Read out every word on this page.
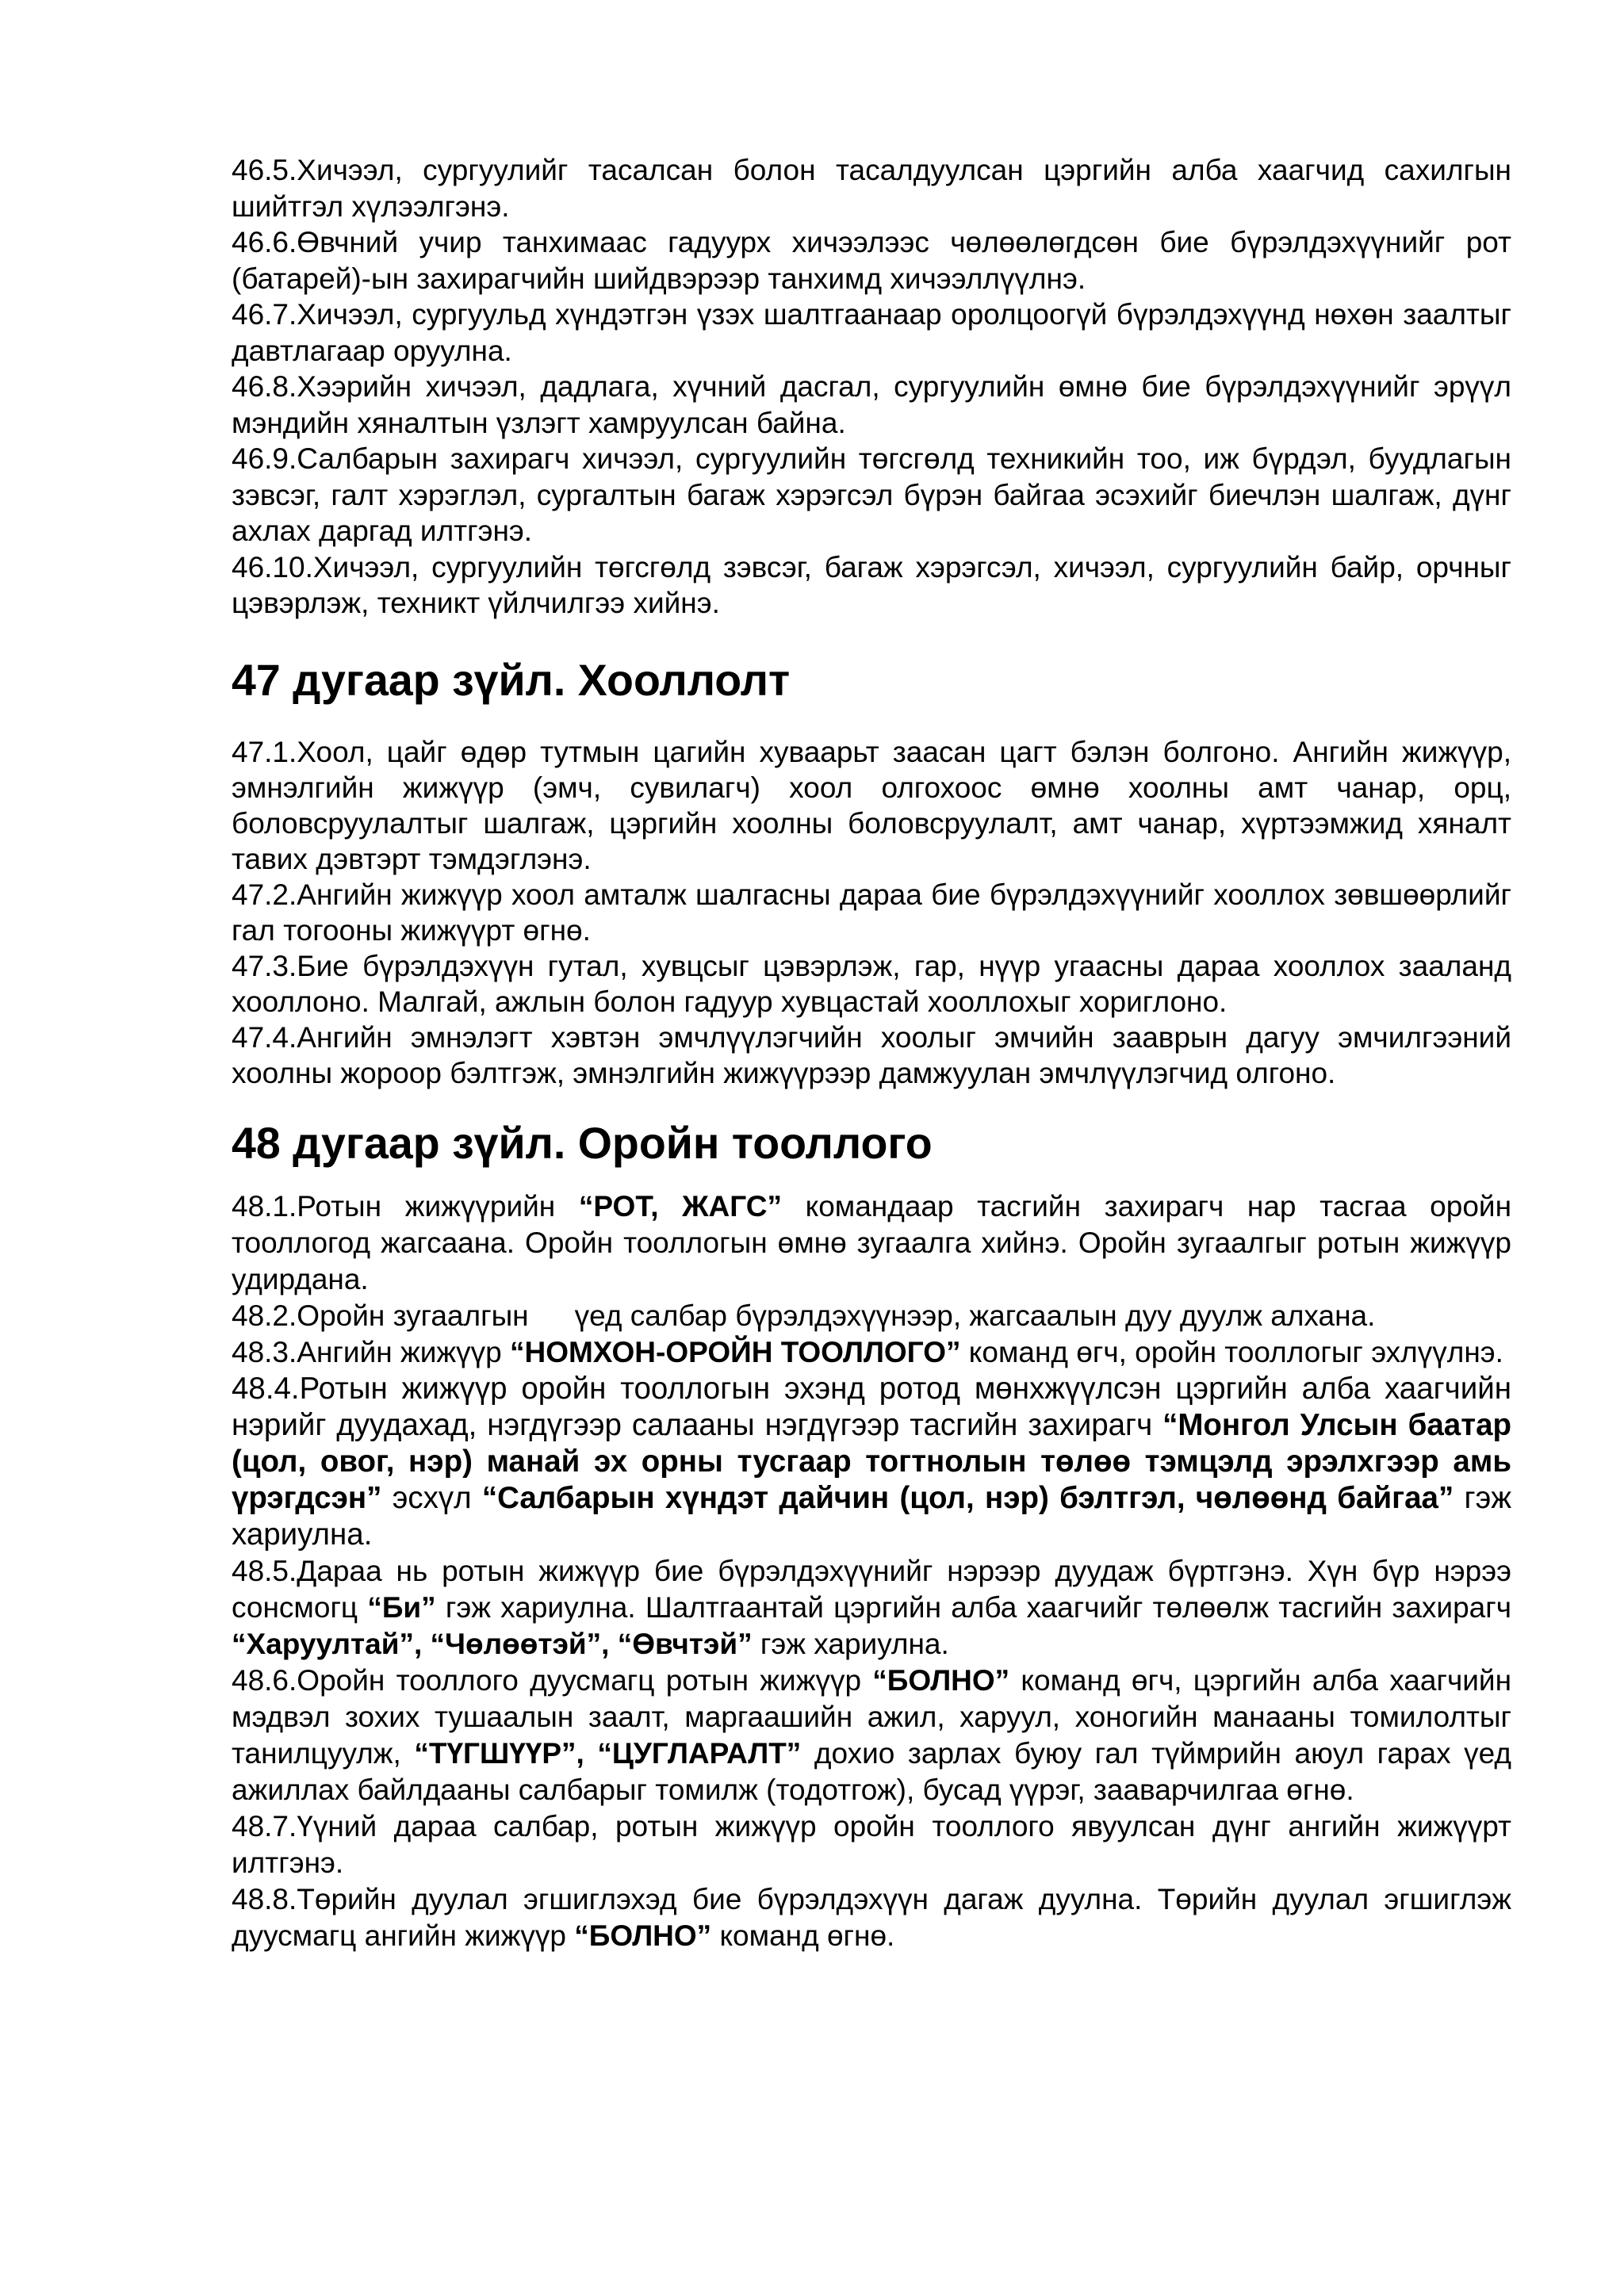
46.5.Хичээл, сургуулийг тасалсан болон тасалдуулсан цэргийн алба хаагчид сахилгын шийтгэл хүлээлгэнэ.

46.6.Өвчний учир танхимаас гадуурх хичээлээс чөлөөлөгдсөн бие бүрэлдэхүүнийг рот (батарей)-ын захирагчийн шийдвэрээр танхимд хичээллүүлнэ.

46.7.Хичээл, сургуульд хүндэтгэн үзэх шалтгаанаар оролцоогүй бүрэлдэхүүнд нөхөн заалтыг давтлагаар оруулна.

46.8.Хээрийн хичээл, дадлага, хүчний дасгал, сургуулийн өмнө бие бүрэлдэхүүнийг эрүүл мэндийн хяналтын үзлэгт хамруулсан байна.

46.9.Салбарын захирагч хичээл, сургуулийн төгсгөлд техникийн тоо, иж бүрдэл, буудлагын зэвсэг, галт хэрэглэл, сургалтын багаж хэрэгсэл бүрэн байгаа эсэхийг биечлэн шалгаж, дүнг ахлах даргад илтгэнэ.

46.10.Хичээл, сургуулийн төгсгөлд зэвсэг, багаж хэрэгсэл, хичээл, сургуулийн байр, орчныг цэвэрлэж, техникт үйлчилгээ хийнэ.

47 дугаар зүйл. Хооллолт

47.1.Хоол, цайг өдөр тутмын цагийн хуваарьт заасан цагт бэлэн болгоно. Ангийн жижүүр, эмнэлгийн жижүүр (эмч, сувилагч) хоол олгохоос өмнө хоолны амт чанар, орц, боловсруулалтыг шалгаж, цэргийн хоолны боловсруулалт, амт чанар, хүртээмжид хяналт тавих дэвтэрт тэмдэглэнэ.

47.2.Ангийн жижүүр хоол амталж шалгасны дараа бие бүрэлдэхүүнийг хооллох зөвшөөрлийг гал тогооны жижүүрт өгнө.

47.3.Бие бүрэлдэхүүн гутал, хувцсыг цэвэрлэж, гар, нүүр угаасны дараа хооллох зааланд хооллоно. Малгай, ажлын болон гадуур хувцастай хооллохыг хориглоно.

47.4.Ангийн эмнэлэгт хэвтэн эмчлүүлэгчийн хоолыг эмчийн зааврын дагуу эмчилгээний хоолны жороор бэлтгэж, эмнэлгийн жижүүрээр дамжуулан эмчлүүлэгчид олгоно.

48 дугаар зүйл. Оройн тооллого

48.1.Ротын жижүүрийн “РОТ, ЖАГС” командаар тасгийн захирагч нар тасгаа оройн тооллогод жагсаана. Оройн тооллогын өмнө зугаалга хийнэ. Оройн зугаалгыг ротын жижүүр удирдана.

48.2.Оройн зугаалгын үед салбар бүрэлдэхүүнээр, жагсаалын дуу дуулж алхана.

48.3.Ангийн жижүүр “НОМХОН-ОРОЙН ТООЛЛОГО” команд өгч, оройн тооллогыг эхлүүлнэ.

48.4.Ротын жижүүр оройн тооллогын эхэнд ротод мөнхжүүлсэн цэргийн алба хаагчийн нэрийг дуудахад, нэгдүгээр салааны нэгдүгээр тасгийн захирагч “Монгол Улсын баатар (цол, овог, нэр) манай эх орны тусгаар тогтнолын төлөө тэмцэлд эрэлхгээр амь үрэгдсэн” эсхүл “Салбарын хүндэт дайчин (цол, нэр) бэлтгэл, чөлөөнд байгаа” гэж хариулна.

48.5.Дараа нь ротын жижүүр бие бүрэлдэхүүнийг нэрээр дуудаж бүртгэнэ. Хүн бүр нэрээ сонсмогц “Би” гэж хариулна. Шалтгаантай цэргийн алба хаагчийг төлөөлж тасгийн захирагч “Харуултай”, “Чөлөөтэй”, “Өвчтэй” гэж хариулна.

48.6.Оройн тооллого дуусмагц ротын жижүүр “БОЛНО” команд өгч, цэргийн алба хаагчийн мэдвэл зохих тушаалын заалт, маргаашийн ажил, харуул, хоногийн манааны томилолтыг танилцуулж, “ТҮГШҮҮР”, “ЦУГЛАРАЛТ” дохио зарлах буюу гал түймрийн аюул гарах үед ажиллах байлдааны салбарыг томилж (тодотгож), бусад үүрэг, зааварчилгаа өгнө.

48.7.Үүний дараа салбар, ротын жижүүр оройн тооллого явуулсан дүнг ангийн жижүүрт илтгэнэ.

48.8.Төрийн дуулал эгшиглэхэд бие бүрэлдэхүүн дагаж дуулна. Төрийн дуулал эгшиглэж дуусмагц ангийн жижүүр “БОЛНО” команд өгнө.
